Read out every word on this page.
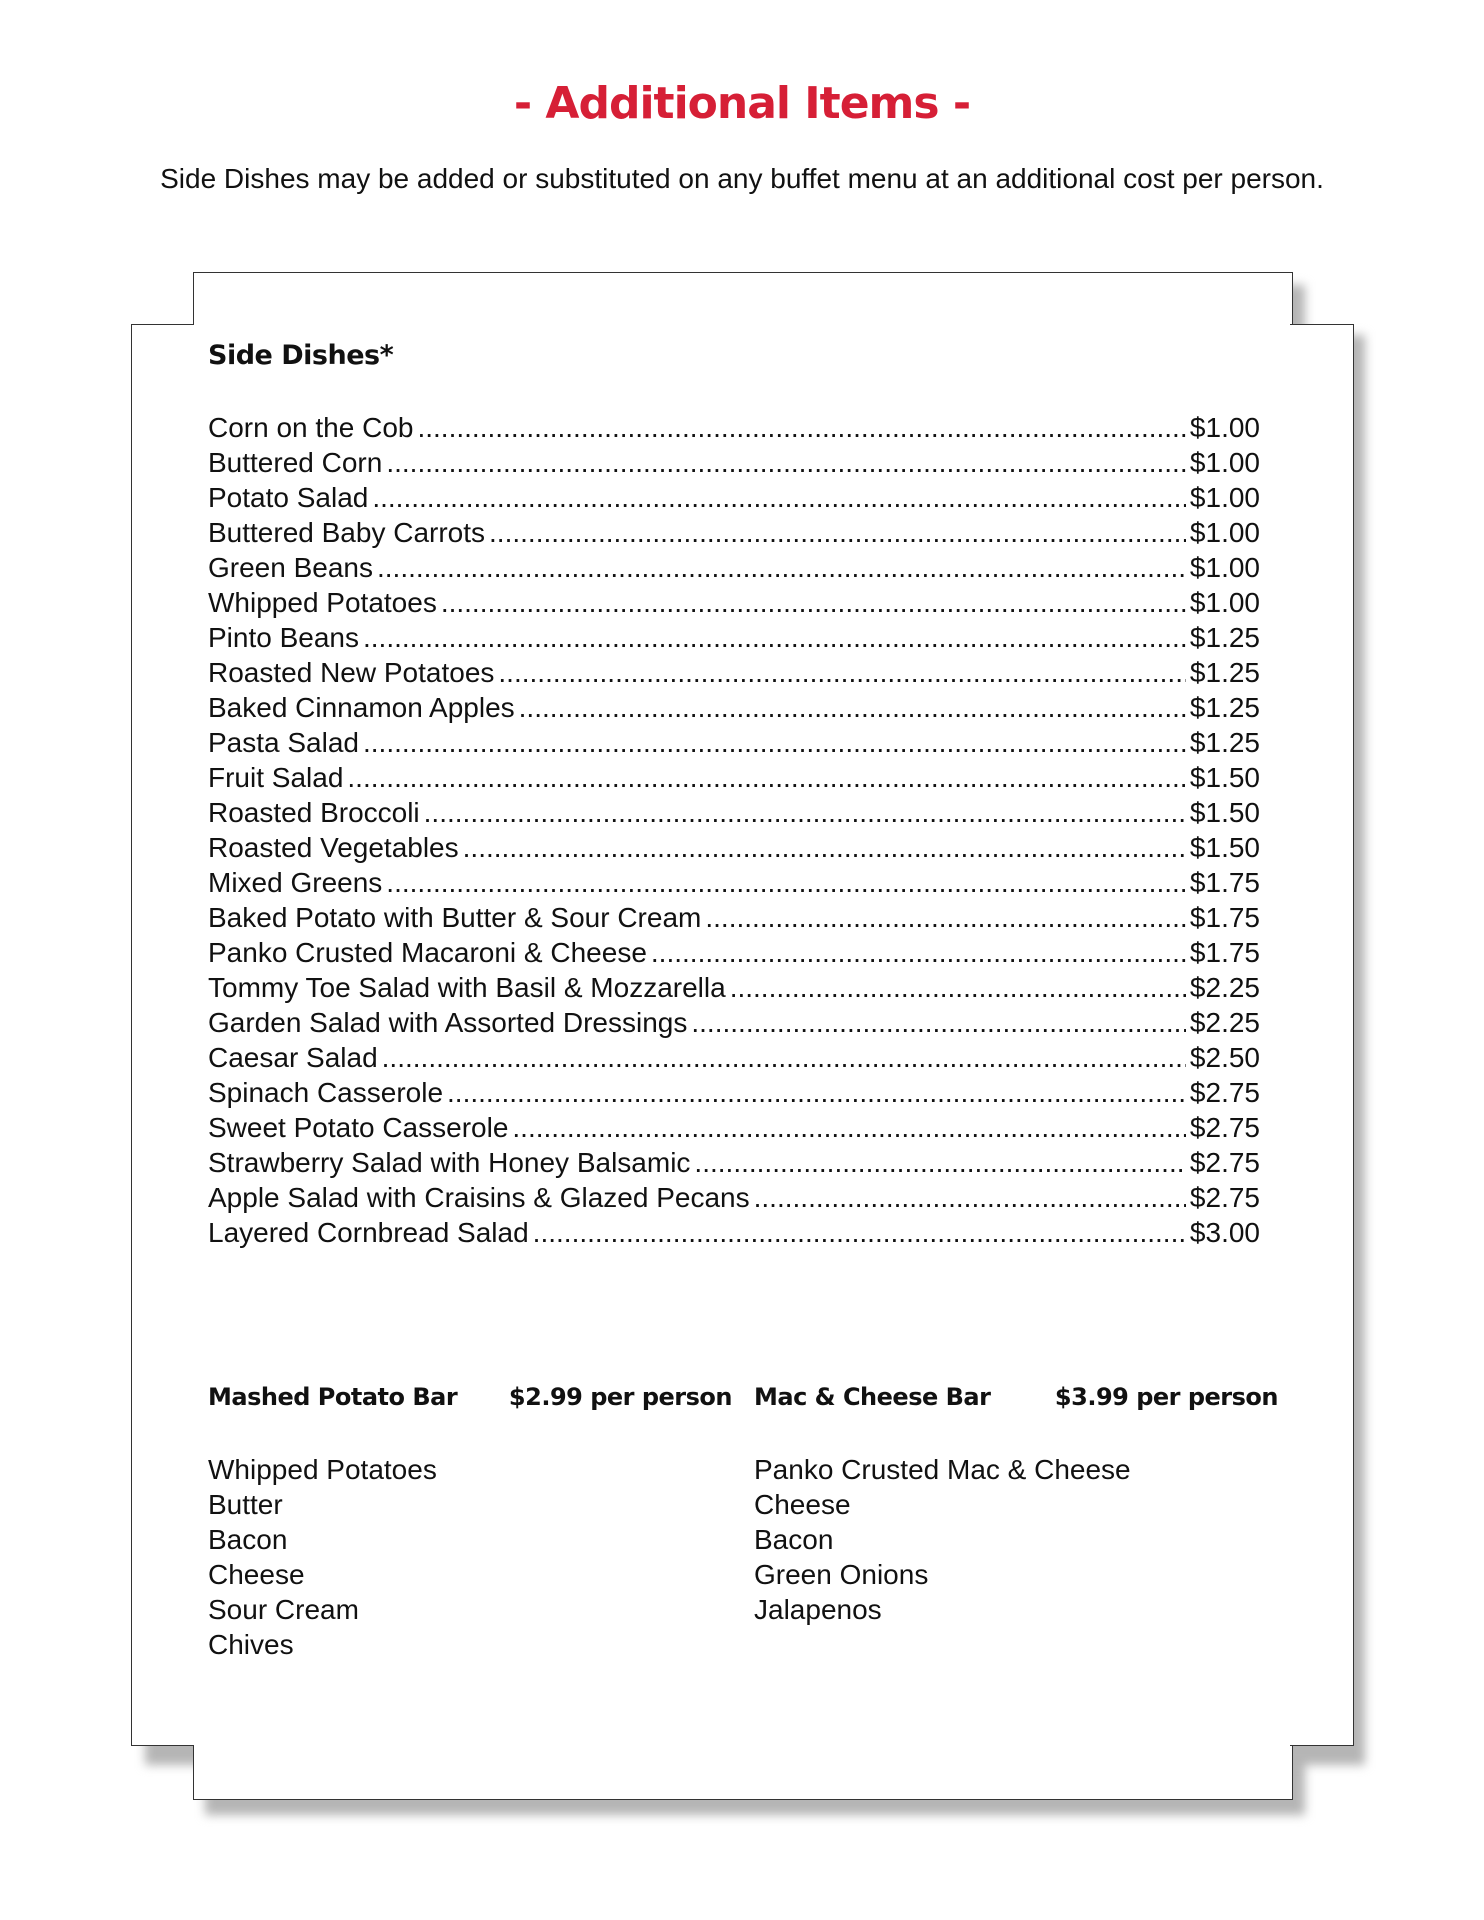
- Additional Items -
Side Dishes may be added or substituted on any buffet menu at an additional cost per person.
Side Dishes*
Corn on the Cob .....	$1.00
Buttered Corn .....	$1.00
Potato Salad .....	$1.00
Buttered Baby Carrots .....	$1.00
Green Beans .....	$1.00
Whipped Potatoes .....	$1.00
Pinto Beans .....	$1.25
Roasted New Potatoes .....	$1.25
Baked Cinnamon Apples .....	$1.25
Pasta Salad .....	$1.25
Fruit Salad .....	$1.50
Roasted Broccoli .....	$1.50
Roasted Vegetables .....	$1.50
Mixed Greens .....	$1.75
Baked Potato with Butter & Sour Cream .....	$1.75
Panko Crusted Macaroni & Cheese .....	$1.75
Tommy Toe Salad with Basil & Mozzarella .....	$2.25
Garden Salad with Assorted Dressings .....	$2.25
Caesar Salad .....	$2.50
Spinach Casserole .....	$2.75
Sweet Potato Casserole .....	$2.75
Strawberry Salad with Honey Balsamic .....	$2.75
Apple Salad with Craisins & Glazed Pecans .....	$2.75
Layered Cornbread Salad .....	$3.00
Mashed Potato Bar $2.99 per person Mac & Cheese Bar	$3.99 per person
Whipped Potatoes
Butter
Bacon
Cheese
Sour Cream
Chives
Panko Crusted Mac & Cheese
Cheese
Bacon
Green Onions
Jalapenos
